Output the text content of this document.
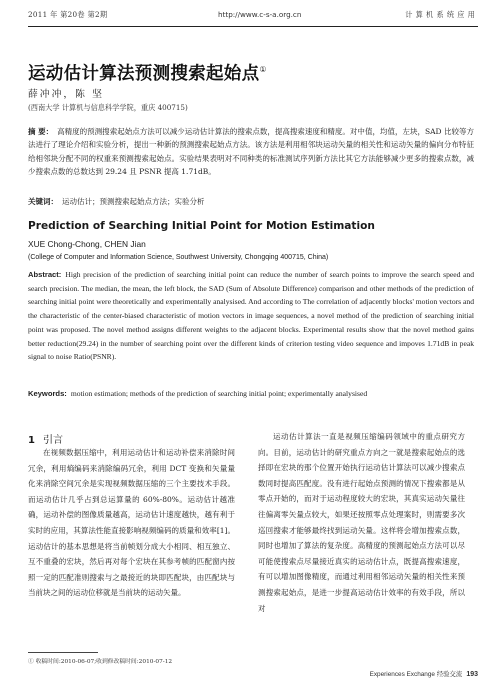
2011 年 第20卷 第2期	http://www.c-s-a.org.cn	计算机系统应用
运动估计算法预测搜索起始点①
薛冲冲，陈 坚
(西南大学 计算机与信息科学学院，重庆 400715)
摘 要： 高精度的预测搜索起始点方法可以减少运动估计算法的搜索点数，提高搜索速度和精度。对中值，均值，左块，SAD 比较等方法进行了理论介绍和实验分析，提出一种新的预测搜索起始点方法。该方法是利用相邻块运动矢量的相关性和运动矢量的偏向分布特征给相邻块分配不同的权重来预测搜索起始点。实验结果表明对不同种类的标准测试序列新方法比其它方法能够减少更多的搜索点数，减少搜索点数的总数达到 29.24 且 PSNR 提高 1.71dB。
关键词： 运动估计；预测搜索起始点方法；实验分析
Prediction of Searching Initial Point for Motion Estimation
XUE Chong-Chong, CHEN Jian
(College of Computer and Information Science, Southwest University, Chongqing 400715, China)
Abstract: High precision of the prediction of searching initial point can reduce the number of search points to improve the search speed and search precision. The median, the mean, the left block, the SAD (Sum of Absolute Difference) comparison and other methods of the prediction of searching initial point were theoretically and experimentally analysised. And according to The correlation of adjacently blocks' motion vectors and the characteristic of the center-biased characteristic of motion vectors in image sequences, a novel method of the prediction of searching initial point was proposed. The novel method assigns different weights to the adjacent blocks. Experimental results show that the novel method gains better reduction(29.24) in the number of searching point over the different kinds of criterion testing video sequence and impoves 1.71dB in peak signal to noise Ratio(PSNR).
Keywords: motion estimation; methods of the prediction of searching initial point; experimentally analysised
1 引言

在视频数据压缩中，利用运动估计和运动补偿来消除时间冗余，利用熵编码来消除编码冗余，利用 DCT 变换和矢量量化来消除空间冗余是实现视频数据压缩的三个主要技术手段。而运动估计几乎占到总运算量的 60%-80%。运动估计越准确，运动补偿的图像质量越高，运动估计速度越快，越有利于实时的应用，其算法性能直接影响视频编码的质量和效率[1]。运动估计的基本思想是将当前帧划分成大小相同、相互独立、互不重叠的宏块，然后再对每个宏块在其参考帧的匹配窗内按照一定的匹配准则搜索与之最接近的块即匹配块，由匹配块与当前块之间的运动位移就是当前块的运动矢量。

运动估计算法一直是视频压缩编码领域中的重点研究方向。目前，运动估计的研究重点方向之一就是搜索起始点的选择即在宏块的那个位置开始执行运动估计算法可以减少搜索点数同时提高匹配度。没有进行起始点预测的情况下搜索都是从零点开始的，而对于运动程度较大的宏块，其真实运动矢量往往偏离零矢量点较大，如果还按照零点处理案时，则需要多次巡回搜索才能够最终找到运动矢量。这样将会增加搜索点数，同时也增加了算法的复杂度。高精度的预测起始点方法可以尽可能使搜索点尽量接近真实的运动估计点，既提高搜索速度，有可以增加图像精度，而通过利用相邻运动矢量的相关性来预测搜索起始点，是进一步提高运动估计效率的有效手段，所以对

① 收稿时间:2010-06-07;收到修改稿时间:2010-07-12
Experiences Exchange 经验交流 193
